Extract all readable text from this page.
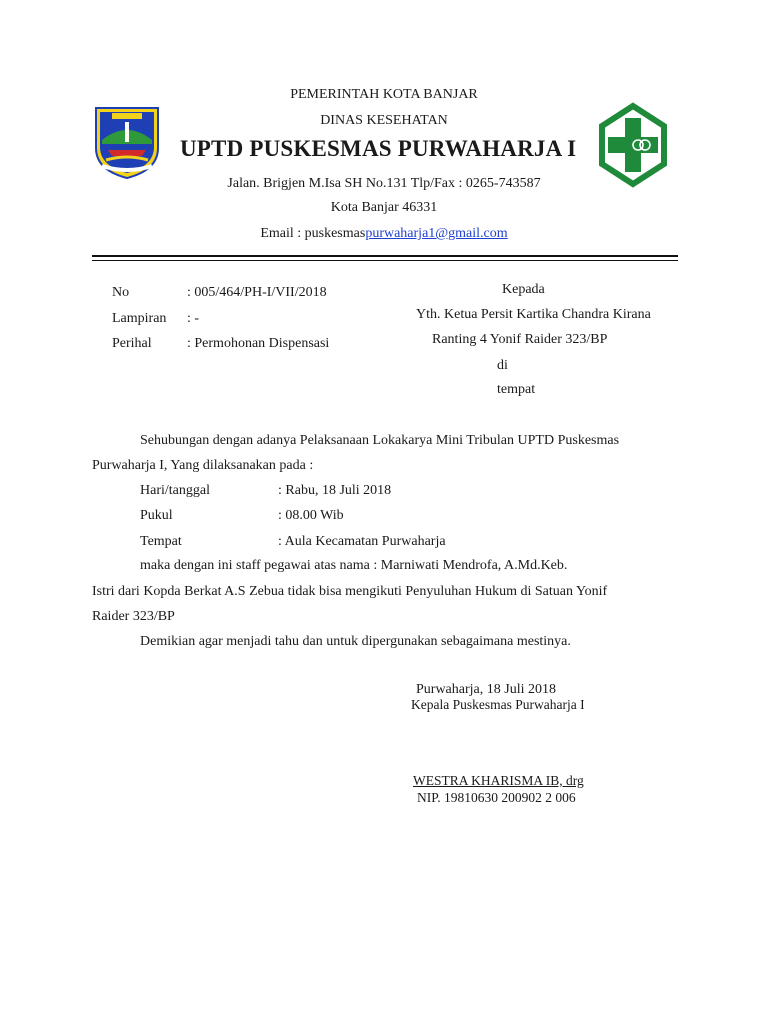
PEMERINTAH KOTA BANJAR
DINAS KESEHATAN
UPTD PUSKESMAS PURWAHARJA I
Jalan. Brigjen M.Isa SH No.131 Tlp/Fax : 0265-743587
Kota Banjar 46331
Email : puskesmaspurwaharja1@gmail.com
No	: 005/464/PH-I/VII/2018
Lampiran : -
Perihal	: Permohonan Dispensasi
Kepada
Yth. Ketua Persit Kartika Chandra Kirana
Ranting 4 Yonif Raider 323/BP
di
tempat
Sehubungan dengan adanya Pelaksanaan Lokakarya Mini Tribulan UPTD Puskesmas
Purwaharja I, Yang dilaksanakan pada :
Hari/tanggal	: Rabu, 18 Juli 2018
Pukul	: 08.00 Wib
Tempat	: Aula Kecamatan Purwaharja
maka dengan ini staff pegawai atas nama : Marniwati Mendrofa, A.Md.Keb.
Istri dari Kopda Berkat A.S Zebua tidak bisa mengikuti Penyuluhan Hukum di Satuan Yonif
Raider 323/BP
Demikian agar menjadi tahu dan untuk dipergunakan sebagaimana mestinya.
Purwaharja, 18 Juli 2018
Kepala Puskesmas Purwaharja I
WESTRA KHARISMA IB, drg
NIP. 19810630 200902 2 006
